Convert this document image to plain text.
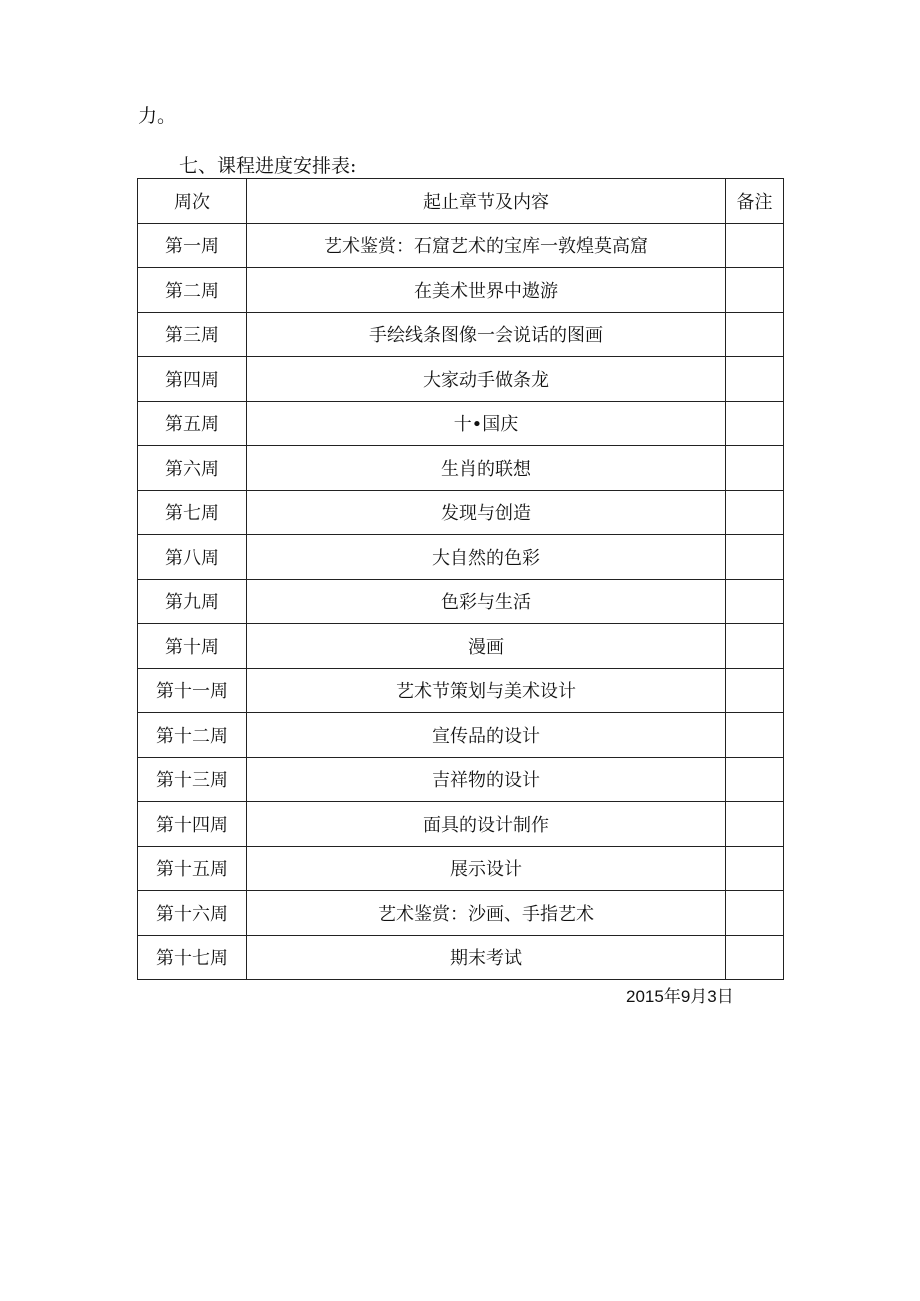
力。
七、课程进度安排表:
周次	起止章节及内容	备注
第一周	艺术鉴赏：石窟艺术的宝库一敦煌莫高窟	
第二周	在美术世界中遨游	
第三周	手绘线条图像一会说话的图画	
第四周	大家动手做条龙	
第五周	十•国庆	
第六周	生肖的联想	
第七周	发现与创造	
第八周	大自然的色彩	
第九周	色彩与生活	
第十周	漫画	
第十一周	艺术节策划与美术设计	
第十二周	宣传品的设计	
第十三周	吉祥物的设计	
第十四周	面具的设计制作	
第十五周	展示设计	
第十六周	艺术鉴赏：沙画、手指艺术	
第十七周	期末考试	
2015年9月3日
